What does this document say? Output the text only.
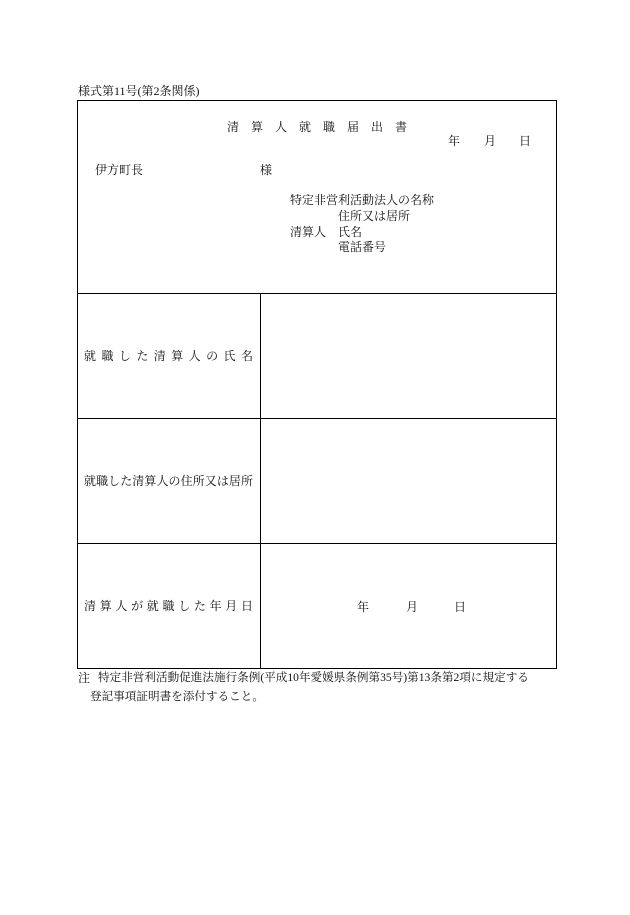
様式第11号(第2条関係)
清 算 人 就 職 届 出 書
年 月 日
伊方町長	様
特定非営利活動法人の名称
住所又は居所
清算人 氏名
電話番号
就 職 し た 清 算 人 の 氏 名
就職した清算人の住所又は居所
清 算 人 が 就 職 し た 年 月 日	年	月	日
注 特定非営利活動促進法施行条例(平成10年愛媛県条例第35号)第13条第2項に規定する
登記事項証明書を添付すること。
